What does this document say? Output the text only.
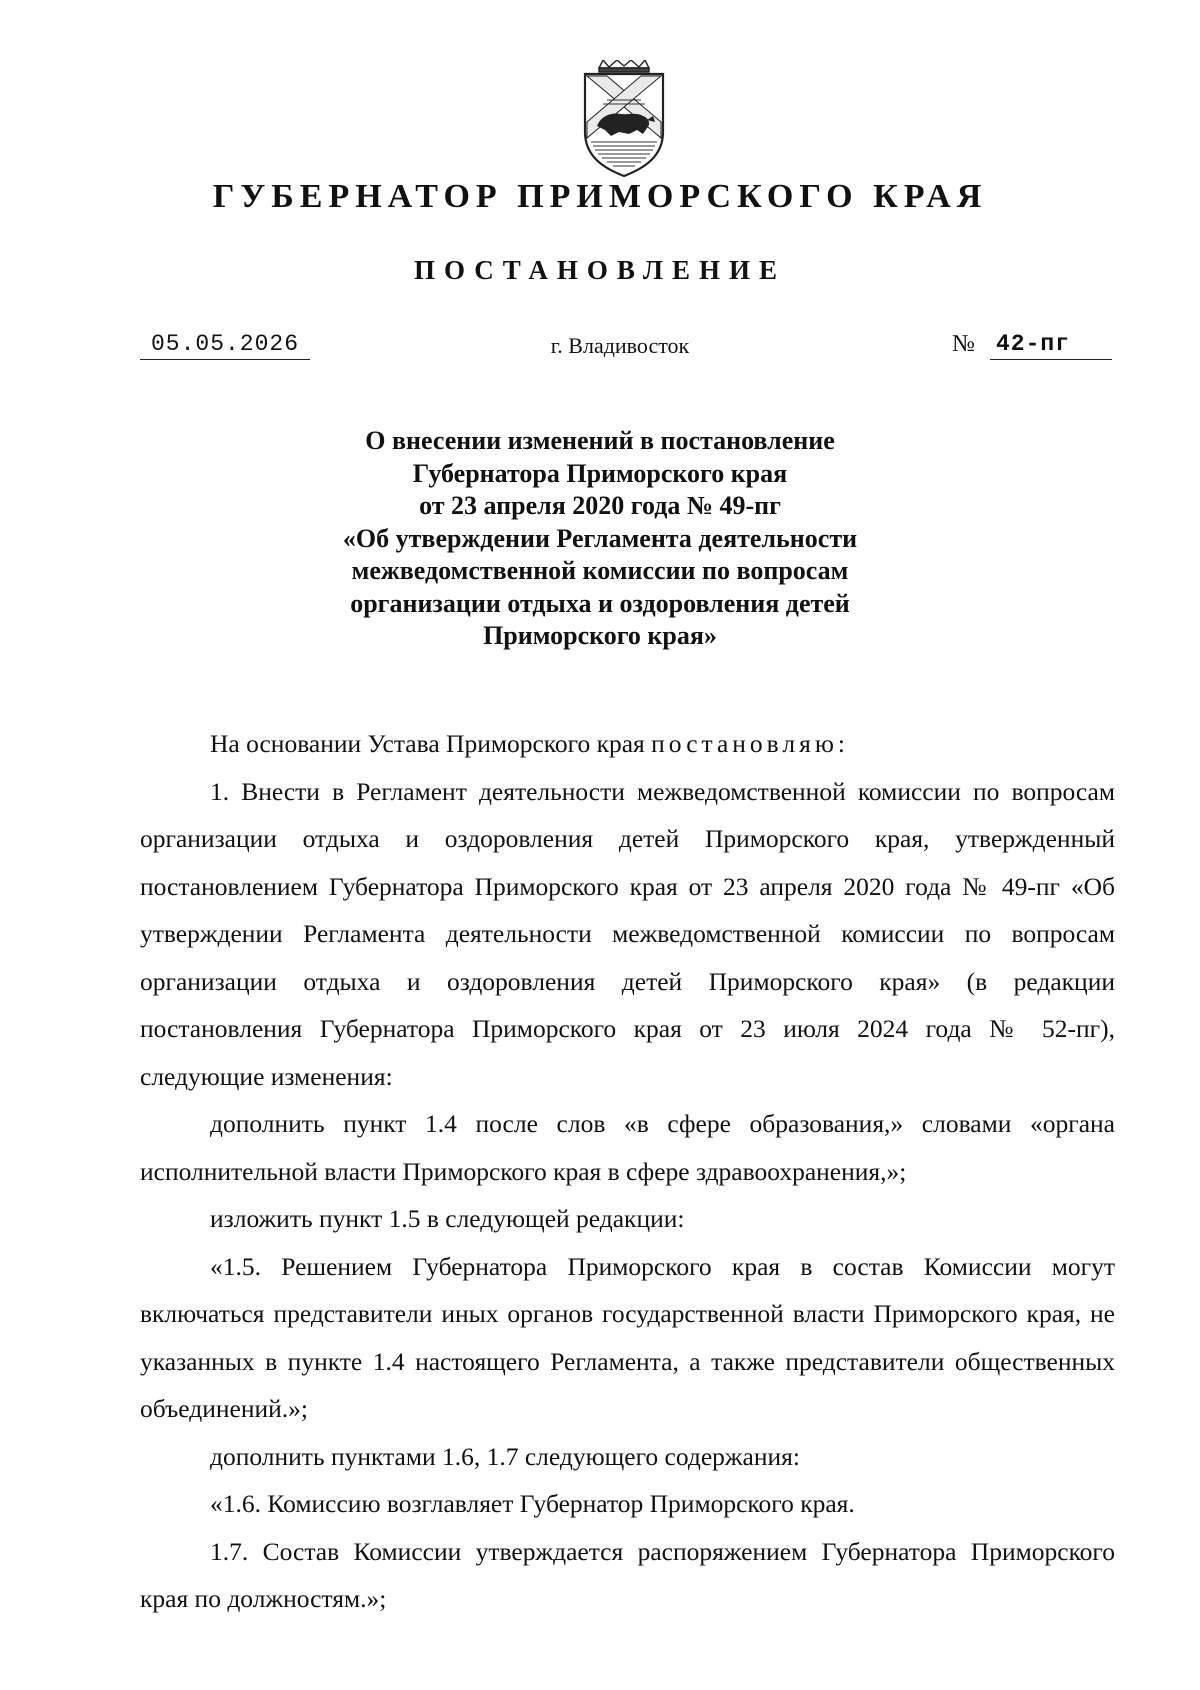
ГУБЕРНАТОР ПРИМОРСКОГО КРАЯ
ПОСТАНОВЛЕНИЕ
05.05.2026	г. Владивосток	№ 42-пг
О внесении изменений в постановление
Губернатора Приморского края
от 23 апреля 2020 года № 49-пг
«Об утверждении Регламента деятельности
межведомственной комиссии по вопросам
организации отдыха и оздоровления детей
Приморского края»

На основании Устава Приморского края постановляю:

1. Внести в Регламент деятельности межведомственной комиссии по вопросам организации отдыха и оздоровления детей Приморского края, утвержденный постановлением Губернатора Приморского края от 23 апреля 2020 года № 49-пг «Об утверждении Регламента деятельности межведомственной комиссии по вопросам организации отдыха и оздоровления детей Приморского края» (в редакции постановления Губернатора Приморского края от 23 июля 2024 года № 52-пг), следующие изменения:

дополнить пункт 1.4 после слов «в сфере образования,» словами «органа исполнительной власти Приморского края в сфере здравоохранения,»;

изложить пункт 1.5 в следующей редакции:

«1.5. Решением Губернатора Приморского края в состав Комиссии могут включаться представители иных органов государственной власти Приморского края, не указанных в пункте 1.4 настоящего Регламента, а также представители общественных объединений.»;

дополнить пунктами 1.6, 1.7 следующего содержания:

«1.6. Комиссию возглавляет Губернатор Приморского края.

1.7. Состав Комиссии утверждается распоряжением Губернатора Приморского края по должностям.»;
